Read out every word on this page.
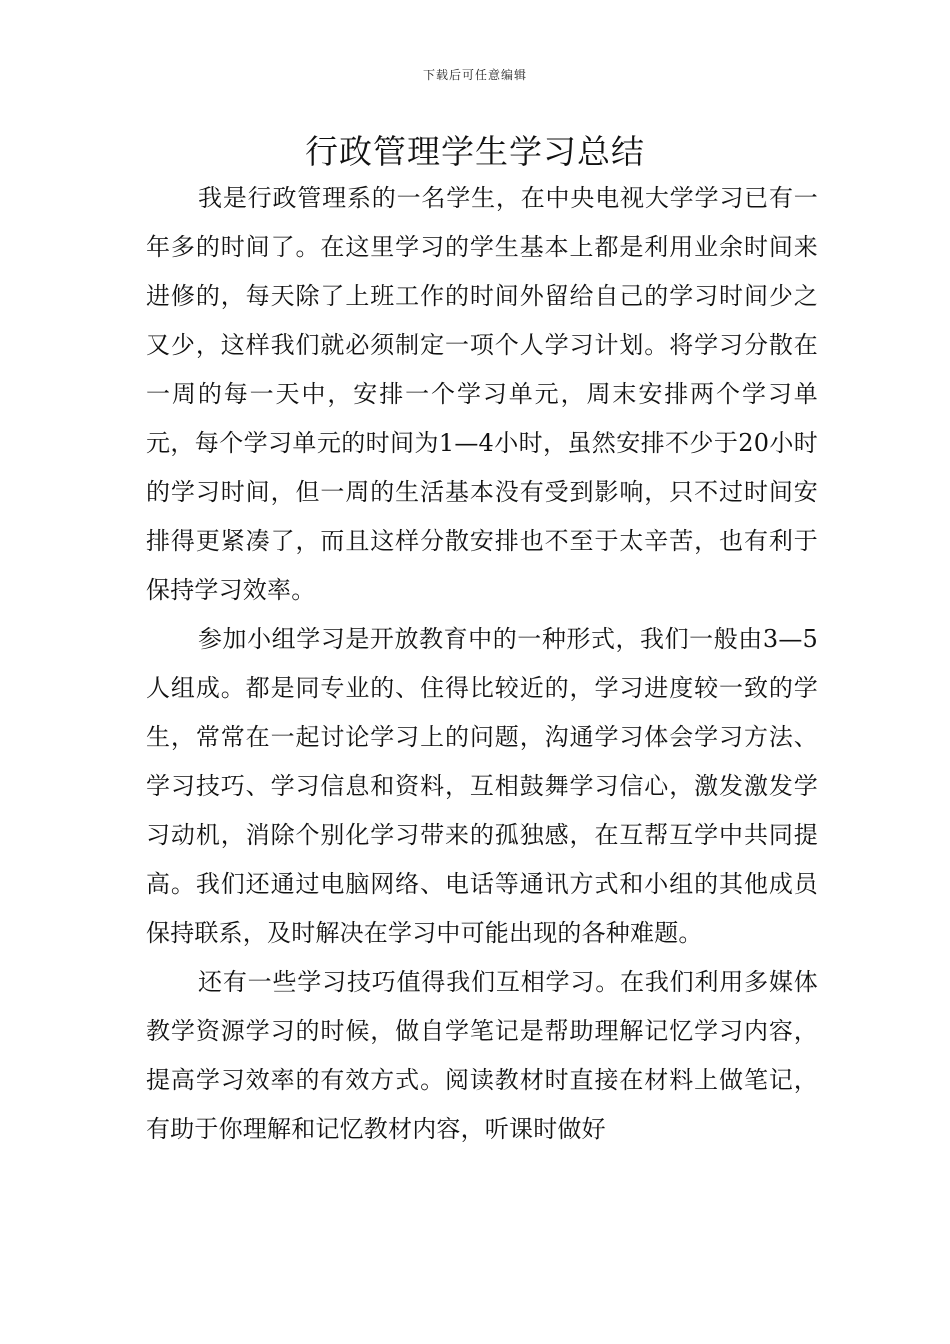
下载后可任意编辑
行政管理学生学习总结

我是行政管理系的一名学生，在中央电视大学学习已有一年多的时间了。在这里学习的学生基本上都是利用业余时间来进修的，每天除了上班工作的时间外留给自己的学习时间少之又少，这样我们就必须制定一项个人学习计划。将学习分散在一周的每一天中，安排一个学习单元，周末安排两个学习单元，每个学习单元的时间为1—4小时，虽然安排不少于20小时的学习时间，但一周的生活基本没有受到影响，只不过时间安排得更紧凑了，而且这样分散安排也不至于太辛苦，也有利于保持学习效率。

参加小组学习是开放教育中的一种形式，我们一般由3—5人组成。都是同专业的、住得比较近的，学习进度较一致的学生，常常在一起讨论学习上的问题，沟通学习体会学习方法、学习技巧、学习信息和资料，互相鼓舞学习信心，激发激发学习动机，消除个别化学习带来的孤独感，在互帮互学中共同提高。我们还通过电脑网络、电话等通讯方式和小组的其他成员保持联系，及时解决在学习中可能出现的各种难题。

还有一些学习技巧值得我们互相学习。在我们利用多媒体教学资源学习的时候，做自学笔记是帮助理解记忆学习内容，提高学习效率的有效方式。阅读教材时直接在材料上做笔记，有助于你理解和记忆教材内容，听课时做好
